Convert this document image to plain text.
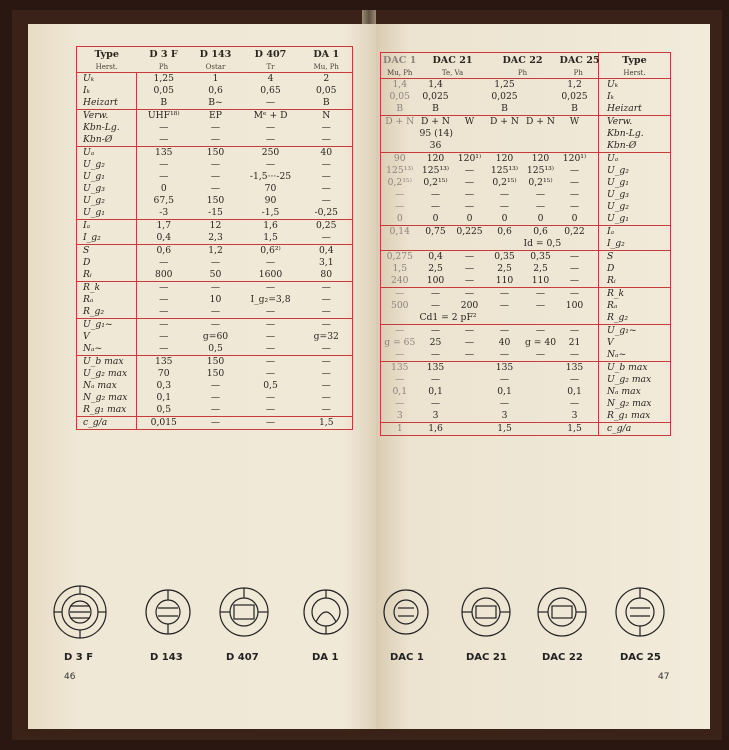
Type	D 3 F	D 143	D 407	DA 1
Herst.	Ph	Ostar	Tr	Mu, Ph
Uₖ	1,25	1	4	2
Iₖ	0,05	0,6	0,65	0,05
Heizart	B	B~	—	B
Verw.	UHF¹⁸⁾	EP	Mᵉ + D	N
Kbn-Lg.	—	—	—	—
Kbn-Ø	—	—	—	—
Uₐ	135	150	250	40
U_g₂	—	—	—	—
U_g₁	—	—	-1,5···-25	—
U_g₃	0	—	70	—
U_g₂	67,5	150	90	—
U_g₁	-3	-15	-1,5	-0,25
Iₐ	1,7	12	1,6	0,25
I_g₂	0,4	2,3	1,5	—
S	0,6	1,2	0,6²⁾	0,4
D	—	—	—	3,1
Rᵢ	800	50	1600	80
R_k	—	—	—	—
Rₐ	—	10	I_g₂=3,8	—
R_g₂	—	—	—	—
U_g₁~	—	—	—	—
V	—	g=60	—	g=32
Nₐ~	—	0,5	—	—
U_b max	135	150	—	—
U_g₂ max	70	150	—	—
Nₐ max	0,3	—	0,5	—
N_g₂ max	0,1	—	—	—
R_g₁ max	0,5	—	—	—
c_g/a	0,015	—	—	1,5
D 3 F	D 143	D 407	DA 1
46
DAC 1	DAC 21		DAC 22		DAC 25		Type
Mu, Ph	Te, Va		Ph		Ph		Herst.
1,4	1,4		1,25		1,2		Uₖ
0,05	0,025		0,025		0,025		Iₖ
B	B		B		B		Heizart
D + N	D + N	W	D + N	D + N	W		Verw.
	95 (14)						Kbn-Lg.
	36						Kbn-Ø
90	120	120¹⁾	120	120	120¹⁾		Uₐ
125¹³⁾	125¹³⁾	—	125¹³⁾	125¹³⁾	—		U_g₂
0,2¹⁵⁾	0,2¹⁵⁾	—	0,2¹⁵⁾	0,2¹⁵⁾	—		U_g₁
—	—	—	—	—	—		U_g₃
—	—	—	—	—	—		U_g₂
0	0	0	0	0	0		U_g₁
0,14	0,75	0,225	0,6	0,6	0,22		Iₐ
				Id = 0,5			I_g₂
0,275	0,4	—	0,35	0,35	—		S
1,5	2,5	—	2,5	2,5	—		D
240	100	—	110	110	—		Rᵢ
—	—	—	—	—	—		R_k
500	—	200	—	—	100		Rₐ
	Cd1 = 2 pF²						R_g₂
—	—	—	—	—	—		U_g₁~
g = 65	25	—	40	g = 40	21		V
—	—	—	—	—	—		Nₐ~
135	135		135		135		U_b max
—	—		—		—		U_g₂ max
0,1	0,1		0,1		0,1		Nₐ max
—	—		—		—		N_g₂ max
3	3		3		3		R_g₁ max
1	1,6		1,5		1,5		c_g/a
DAC 1	DAC 21	DAC 22	DAC 25
47
